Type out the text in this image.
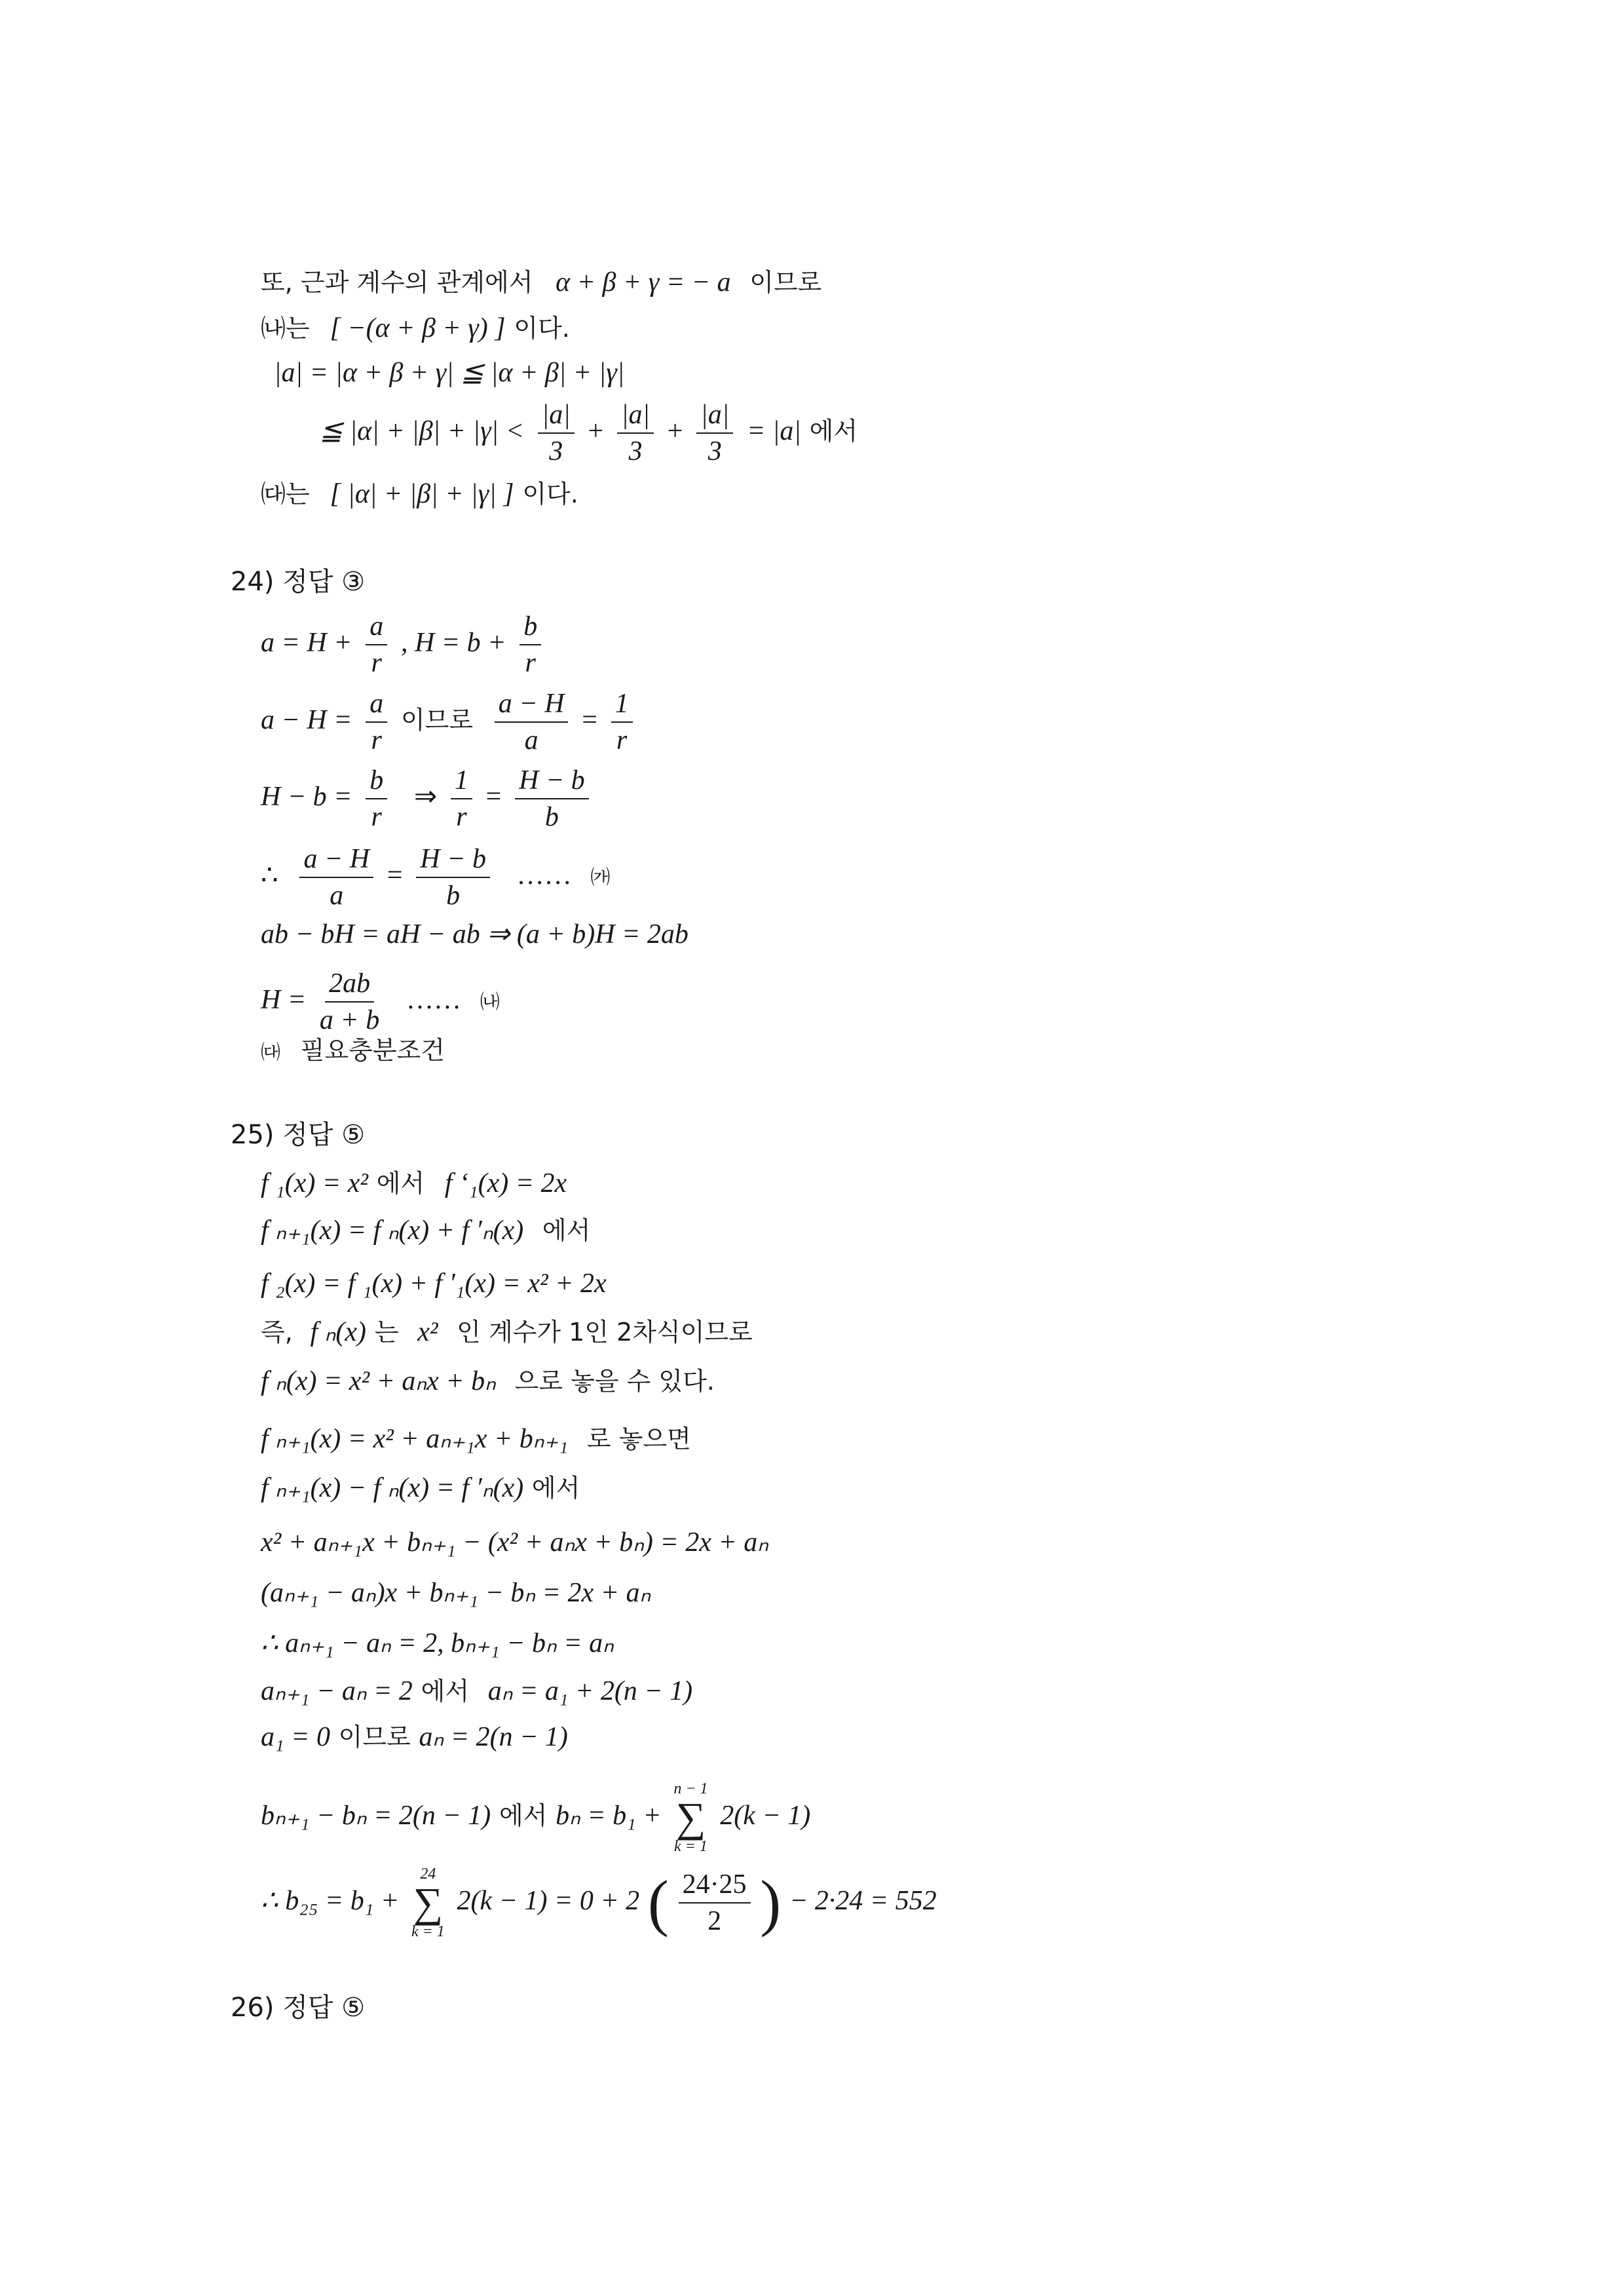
또, 근과 계수의 관계에서 α + β + γ = − a 이므로
㈏는 [ −(α + β + γ) ] 이다.
|a| = |α + β + γ| ≦ |α + β| + |γ|
≦ $|\alpha| + |\beta| + |\gamma| < \frac{|a|}{3} + \frac{|a|}{3} + \frac{|a|}{3} = |a|$ 에서
㈐는 [ |α| + |β| + |γ| ] 이다.
24) 정답 ③
$a = H + \frac{a}{r}$ , $H = b + \frac{b}{r}$
$a - H = \frac{a}{r}$ 이므로 $\frac{a - H}{a} = \frac{1}{r}$
$H - b = \frac{b}{r}$ ⇒ $\frac{1}{r} = \frac{H - b}{b}$
∴ $\frac{a - H}{a} = \frac{H - b}{b}$ …… ㈎
ab − bH = aH − ab ⇒ (a + b)H = 2ab
$H = \frac{2ab}{a + b}$ …… ㈏
㈐ 필요충분조건
25) 정답 ⑤
f ₁(x) = x² 에서 f ‘₁(x) = 2x
f ₙ₊₁(x) = f ₙ(x) + f ′ₙ(x) 에서
f ₂(x) = f ₁(x) + f ′₁(x) = x² + 2x
즉, f ₙ(x) 는 x² 인 계수가 1인 2차식이므로
f ₙ(x) = x² + aₙx + bₙ 으로 놓을 수 있다.
f ₙ₊₁(x) = x² + aₙ₊₁x + bₙ₊₁ 로 놓으면
f ₙ₊₁(x) − f ₙ(x) = f ′ₙ(x) 에서
x² + aₙ₊₁x + bₙ₊₁ − (x² + aₙx + bₙ) = 2x + aₙ
(aₙ₊₁ − aₙ)x + bₙ₊₁ − bₙ = 2x + aₙ
∴ aₙ₊₁ − aₙ = 2, bₙ₊₁ − bₙ = aₙ
aₙ₊₁ − aₙ = 2 에서 aₙ = a₁ + 2(n − 1)
a₁ = 0 이므로 aₙ = 2(n − 1)
bₙ₊₁ − bₙ = 2(n − 1) 에서 bₙ = b₁ +
n − 1
∑
k = 1
2(k − 1)
∴ b₂₅ = b₁ +
24
∑
k = 1
2(k − 1) = 0 + 2 ( $\frac{24\cdot 25}{2}$ ) − 2·24 = 552
26) 정답 ⑤
